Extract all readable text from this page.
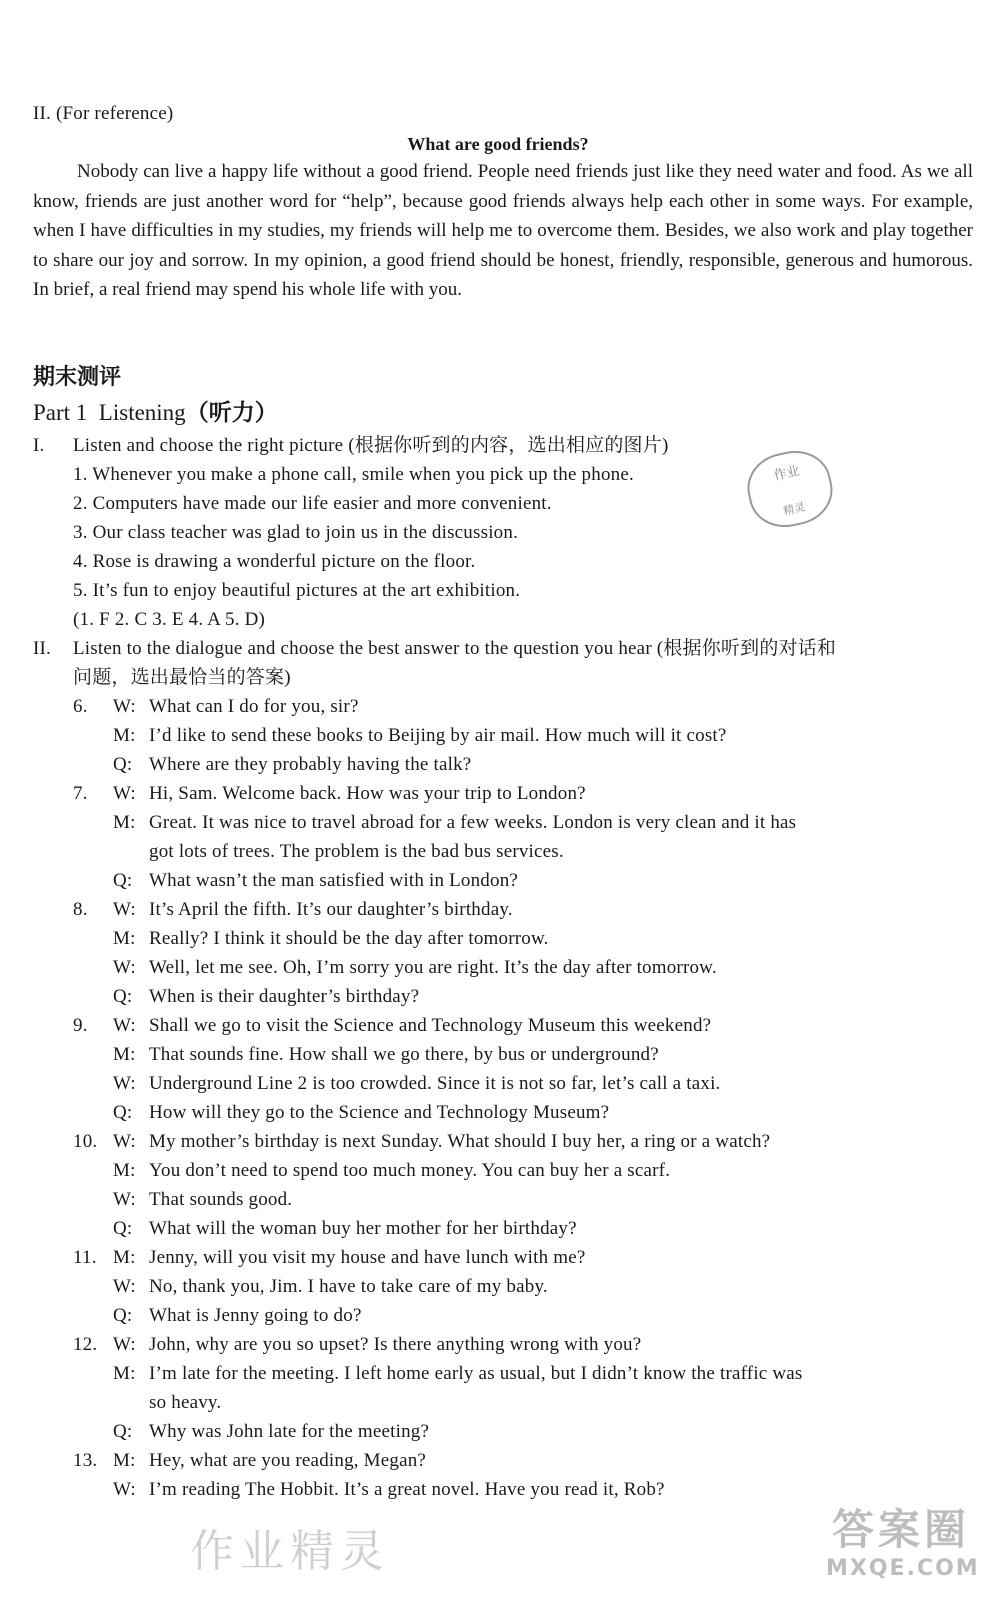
II. (For reference)
What are good friends?
Nobody can live a happy life without a good friend. People need friends just like they need water and food. As we all know, friends are just another word for “help”, because good friends always help each other in some ways. For example, when I have difficulties in my studies, my friends will help me to overcome them. Besides, we also work and play together to share our joy and sorrow. In my opinion, a good friend should be honest, friendly, responsible, generous and humorous. In brief, a real friend may spend his whole life with you.
期末测评
Part 1  Listening（听力）
I. Listen and choose the right picture (根据你听到的内容，选出相应的图片)
1. Whenever you make a phone call, smile when you pick up the phone.
2. Computers have made our life easier and more convenient.
3. Our class teacher was glad to join us in the discussion.
4. Rose is drawing a wonderful picture on the floor.
5. It’s fun to enjoy beautiful pictures at the art exhibition.
(1. F 2. C 3. E 4. A 5. D)
II. Listen to the dialogue and choose the best answer to the question you hear (根据你听到的对话和
问题，选出最恰当的答案)
6. W: What can I do for you, sir?
M: I’d like to send these books to Beijing by air mail. How much will it cost?
Q: Where are they probably having the talk?
7. W: Hi, Sam. Welcome back. How was your trip to London?
M: Great. It was nice to travel abroad for a few weeks. London is very clean and it has
got lots of trees. The problem is the bad bus services.
Q: What wasn’t the man satisfied with in London?
8. W: It’s April the fifth. It’s our daughter’s birthday.
M: Really? I think it should be the day after tomorrow.
W: Well, let me see. Oh, I’m sorry you are right. It’s the day after tomorrow.
Q: When is their daughter’s birthday?
9. W: Shall we go to visit the Science and Technology Museum this weekend?
M: That sounds fine. How shall we go there, by bus or underground?
W: Underground Line 2 is too crowded. Since it is not so far, let’s call a taxi.
Q: How will they go to the Science and Technology Museum?
10. W: My mother’s birthday is next Sunday. What should I buy her, a ring or a watch?
M: You don’t need to spend too much money. You can buy her a scarf.
W: That sounds good.
Q: What will the woman buy her mother for her birthday?
11. M: Jenny, will you visit my house and have lunch with me?
W: No, thank you, Jim. I have to take care of my baby.
Q: What is Jenny going to do?
12. W: John, why are you so upset? Is there anything wrong with you?
M: I’m late for the meeting. I left home early as usual, but I didn’t know the traffic was
so heavy.
Q: Why was John late for the meeting?
13. M: Hey, what are you reading, Megan?
W: I’m reading The Hobbit. It’s a great novel. Have you read it, Rob?
作业
精灵
作业精灵	答案圈
MXQE.COM
